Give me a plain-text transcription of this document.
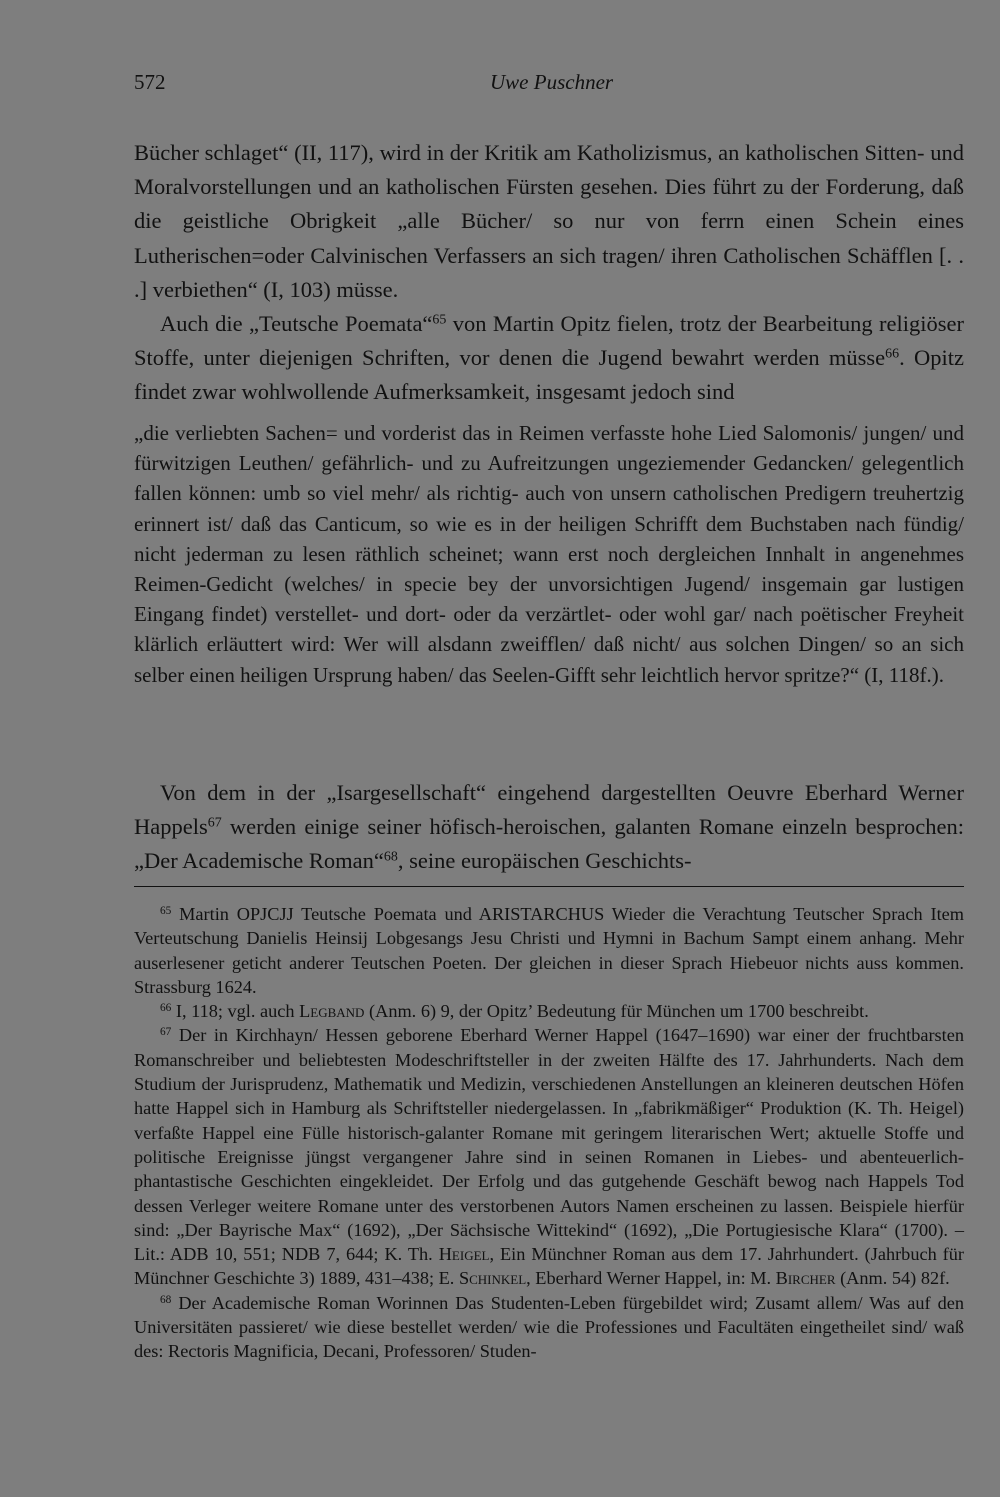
572	Uwe Puschner

Bücher schlaget“ (II, 117), wird in der Kritik am Katholizismus, an katholischen Sitten- und Moralvorstellungen und an katholischen Fürsten gesehen. Dies führt zu der Forderung, daß die geistliche Obrigkeit „alle Bücher/ so nur von ferrn einen Schein eines Lutherischen=oder Calvinischen Verfassers an sich tragen/ ihren Catholischen Schäfflen [. . .] verbiethen“ (I, 103) müsse.

Auch die „Teutsche Poemata“$^{65}$ von Martin Opitz fielen, trotz der Bearbeitung religiöser Stoffe, unter diejenigen Schriften, vor denen die Jugend bewahrt werden müsse$^{66}$. Opitz findet zwar wohlwollende Aufmerksamkeit, insgesamt jedoch sind

„die verliebten Sachen= und vorderist das in Reimen verfasste hohe Lied Salomonis/ jungen/ und fürwitzigen Leuthen/ gefährlich- und zu Aufreitzungen ungeziemender Gedancken/ gelegentlich fallen können: umb so viel mehr/ als richtig- auch von unsern catholischen Predigern treuhertzig erinnert ist/ daß das Canticum, so wie es in der heiligen Schrifft dem Buchstaben nach fündig/ nicht jederman zu lesen räthlich scheinet; wann erst noch dergleichen Innhalt in angenehmes Reimen-Gedicht (welches/ in specie bey der unvorsichtigen Jugend/ insgemain gar lustigen Eingang findet) verstellet- und dort- oder da verzärtlet- oder wohl gar/ nach poëtischer Freyheit klärlich erläuttert wird: Wer will alsdann zweifflen/ daß nicht/ aus solchen Dingen/ so an sich selber einen heiligen Ursprung haben/ das Seelen-Gifft sehr leichtlich hervor spritze?“ (I, 118f.).

Von dem in der „Isargesellschaft“ eingehend dargestellten Oeuvre Eberhard Werner Happels$^{67}$ werden einige seiner höfisch-heroischen, galanten Romane einzeln besprochen: „Der Academische Roman“$^{68}$, seine europäischen Geschichts-

$^{65}$ Martin OPJCJJ Teutsche Poemata und ARISTARCHUS Wieder die Verachtung Teutscher Sprach Item Verteutschung Danielis Heinsij Lobgesangs Jesu Christi und Hymni in Bachum Sampt einem anhang. Mehr auserlesener geticht anderer Teutschen Poeten. Der gleichen in dieser Sprach Hiebeuor nichts auss kommen. Strassburg 1624.

$^{66}$ I, 118; vgl. auch Legband (Anm. 6) 9, der Opitz’ Bedeutung für München um 1700 beschreibt.

$^{67}$ Der in Kirchhayn/ Hessen geborene Eberhard Werner Happel (1647–1690) war einer der fruchtbarsten Romanschreiber und beliebtesten Modeschriftsteller in der zweiten Hälfte des 17. Jahrhunderts. Nach dem Studium der Jurisprudenz, Mathematik und Medizin, verschiedenen Anstellungen an kleineren deutschen Höfen hatte Happel sich in Hamburg als Schriftsteller niedergelassen. In „fabrikmäßiger“ Produktion (K. Th. Heigel) verfaßte Happel eine Fülle historisch-galanter Romane mit geringem literarischen Wert; aktuelle Stoffe und politische Ereignisse jüngst vergangener Jahre sind in seinen Romanen in Liebes- und abenteuerlich-phantastische Geschichten eingekleidet. Der Erfolg und das gutgehende Geschäft bewog nach Happels Tod dessen Verleger weitere Romane unter des verstorbenen Autors Namen erscheinen zu lassen. Beispiele hierfür sind: „Der Bayrische Max“ (1692), „Der Sächsische Wittekind“ (1692), „Die Portugiesische Klara“ (1700). – Lit.: ADB 10, 551; NDB 7, 644; K. Th. Heigel, Ein Münchner Roman aus dem 17. Jahrhundert. (Jahrbuch für Münchner Geschichte 3) 1889, 431–438; E. Schinkel, Eberhard Werner Happel, in: M. Bircher (Anm. 54) 82f.

$^{68}$ Der Academische Roman Worinnen Das Studenten-Leben fürgebildet wird; Zusamt allem/ Was auf den Universitäten passieret/ wie diese bestellet werden/ wie die Professiones und Facultäten eingetheilet sind/ waß des: Rectoris Magnificia, Decani, Professoren/ Studen-
